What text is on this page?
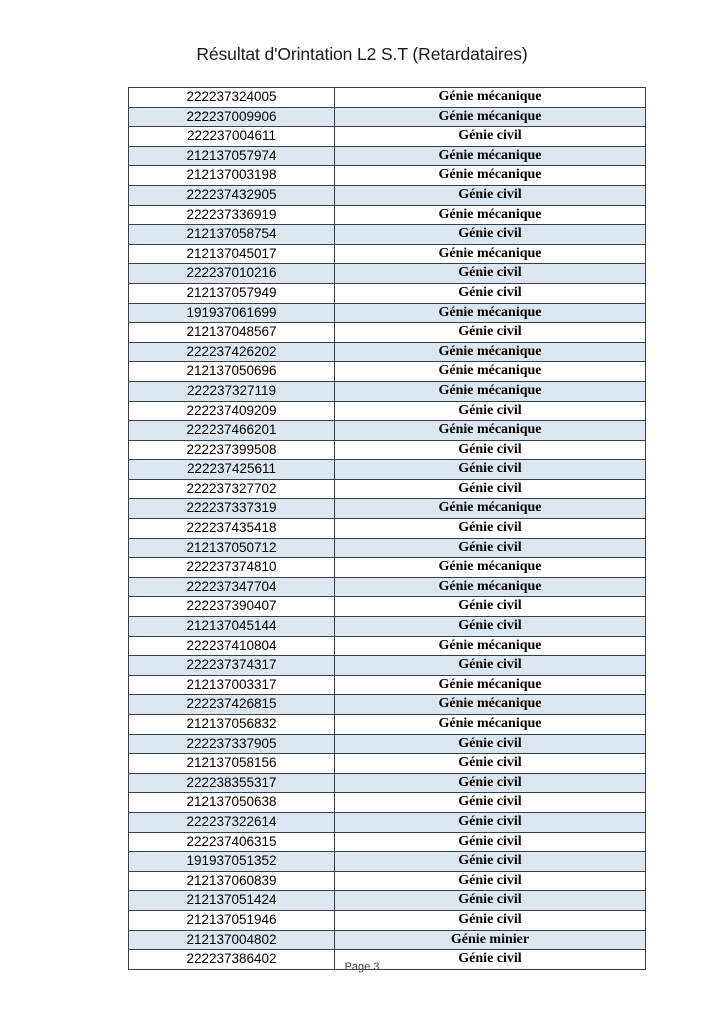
Résultat d'Orintation L2 S.T (Retardataires)
222237324005	Génie mécanique
222237009906	Génie mécanique
222237004611	Génie civil
212137057974	Génie mécanique
212137003198	Génie mécanique
222237432905	Génie civil
222237336919	Génie mécanique
212137058754	Génie civil
212137045017	Génie mécanique
222237010216	Génie civil
212137057949	Génie civil
191937061699	Génie mécanique
212137048567	Génie civil
222237426202	Génie mécanique
212137050696	Génie mécanique
222237327119	Génie mécanique
222237409209	Génie civil
222237466201	Génie mécanique
222237399508	Génie civil
222237425611	Génie civil
222237327702	Génie civil
222237337319	Génie mécanique
222237435418	Génie civil
212137050712	Génie civil
222237374810	Génie mécanique
222237347704	Génie mécanique
222237390407	Génie civil
212137045144	Génie civil
222237410804	Génie mécanique
222237374317	Génie civil
212137003317	Génie mécanique
222237426815	Génie mécanique
212137056832	Génie mécanique
222237337905	Génie civil
212137058156	Génie civil
222238355317	Génie civil
212137050638	Génie civil
222237322614	Génie civil
222237406315	Génie civil
191937051352	Génie civil
212137060839	Génie civil
212137051424	Génie civil
212137051946	Génie civil
212137004802	Génie minier
222237386402	Génie civil
Page 3
